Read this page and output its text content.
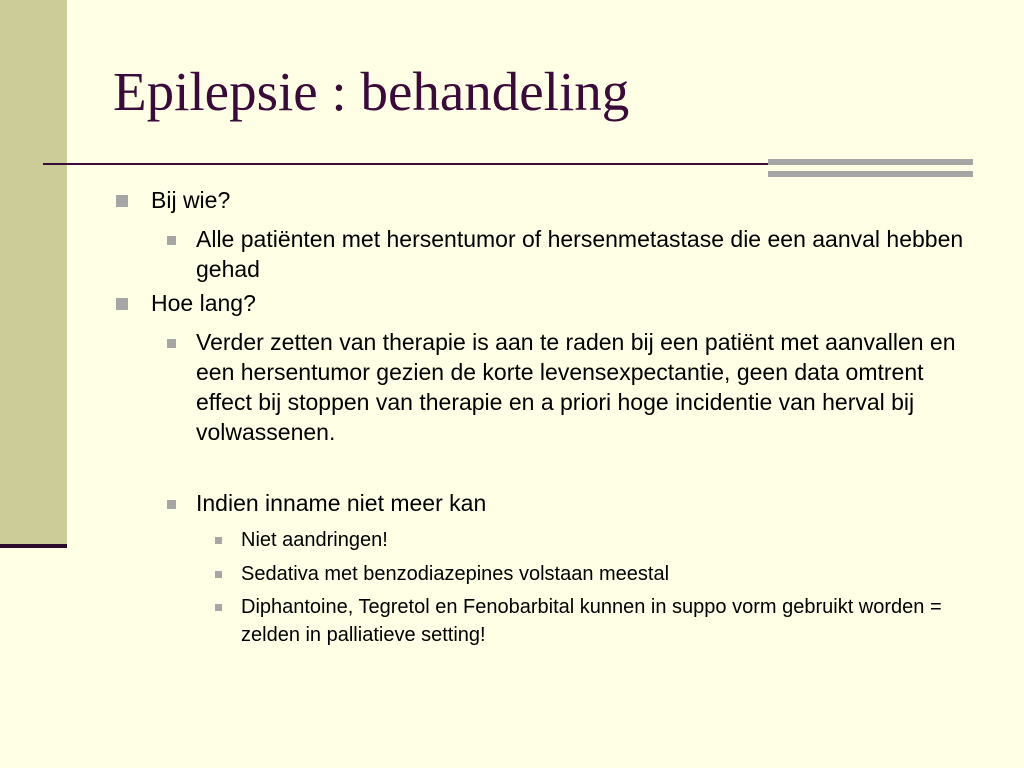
Epilepsie : behandeling
Bij wie?
Alle patiënten met hersentumor of hersenmetastase die een aanval hebben gehad
Hoe lang?
Verder zetten van therapie is aan te raden bij een patiënt met aanvallen en een hersentumor gezien de korte levensexpectantie, geen data omtrent effect bij stoppen van therapie en a priori hoge incidentie van herval bij volwassenen.
Indien inname niet meer kan
Niet aandringen!
Sedativa met benzodiazepines volstaan meestal
Diphantoine, Tegretol en Fenobarbital kunnen in suppo vorm gebruikt worden = zelden in palliatieve setting!
